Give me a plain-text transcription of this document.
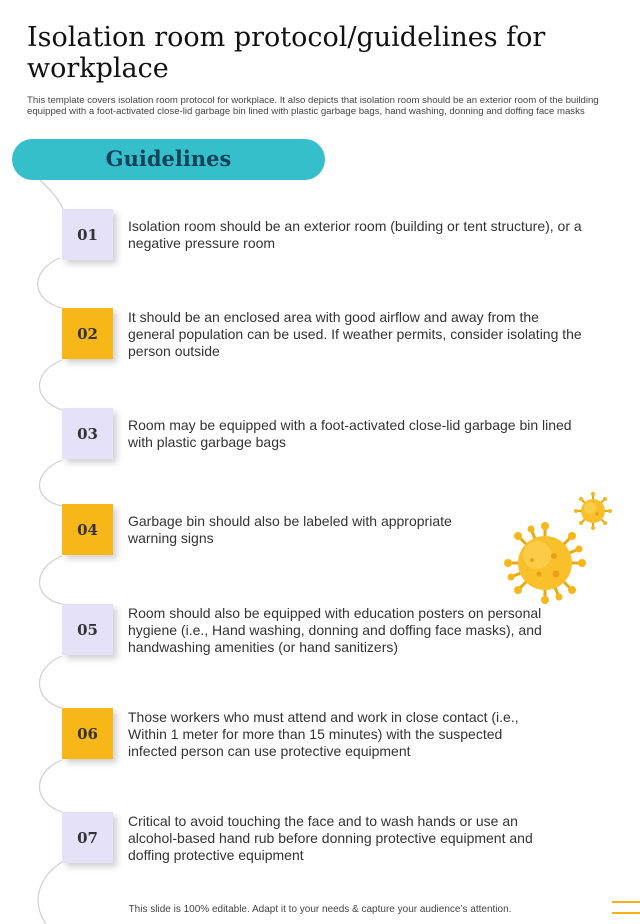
Isolation room protocol/guidelines for workplace

This template covers isolation room protocol for workplace. It also depicts that isolation room should be an exterior room of the building equipped with a foot-activated close-lid garbage bin lined with plastic garbage bags, hand washing, donning and doffing face masks

Guidelines
01 Isolation room should be an exterior room (building or tent structure), or a negative pressure room

02

It should be an enclosed area with good airflow and away from the general population can be used. If weather permits, consider isolating the person outside

03 Room may be equipped with a foot-activated close-lid garbage bin lined with plastic garbage bags

04 Garbage bin should also be labeled with appropriate warning signs

05

Room should also be equipped with education posters on personal hygiene (i.e., Hand washing, donning and doffing face masks), and handwashing amenities (or hand sanitizers)

06

Those workers who must attend and work in close contact (i.e., Within 1 meter for more than 15 minutes) with the suspected infected person can use protective equipment

07

Critical to avoid touching the face and to wash hands or use an alcohol-based hand rub before donning protective equipment and doffing protective equipment

This slide is 100% editable. Adapt it to your needs & capture your audience’s attention.
